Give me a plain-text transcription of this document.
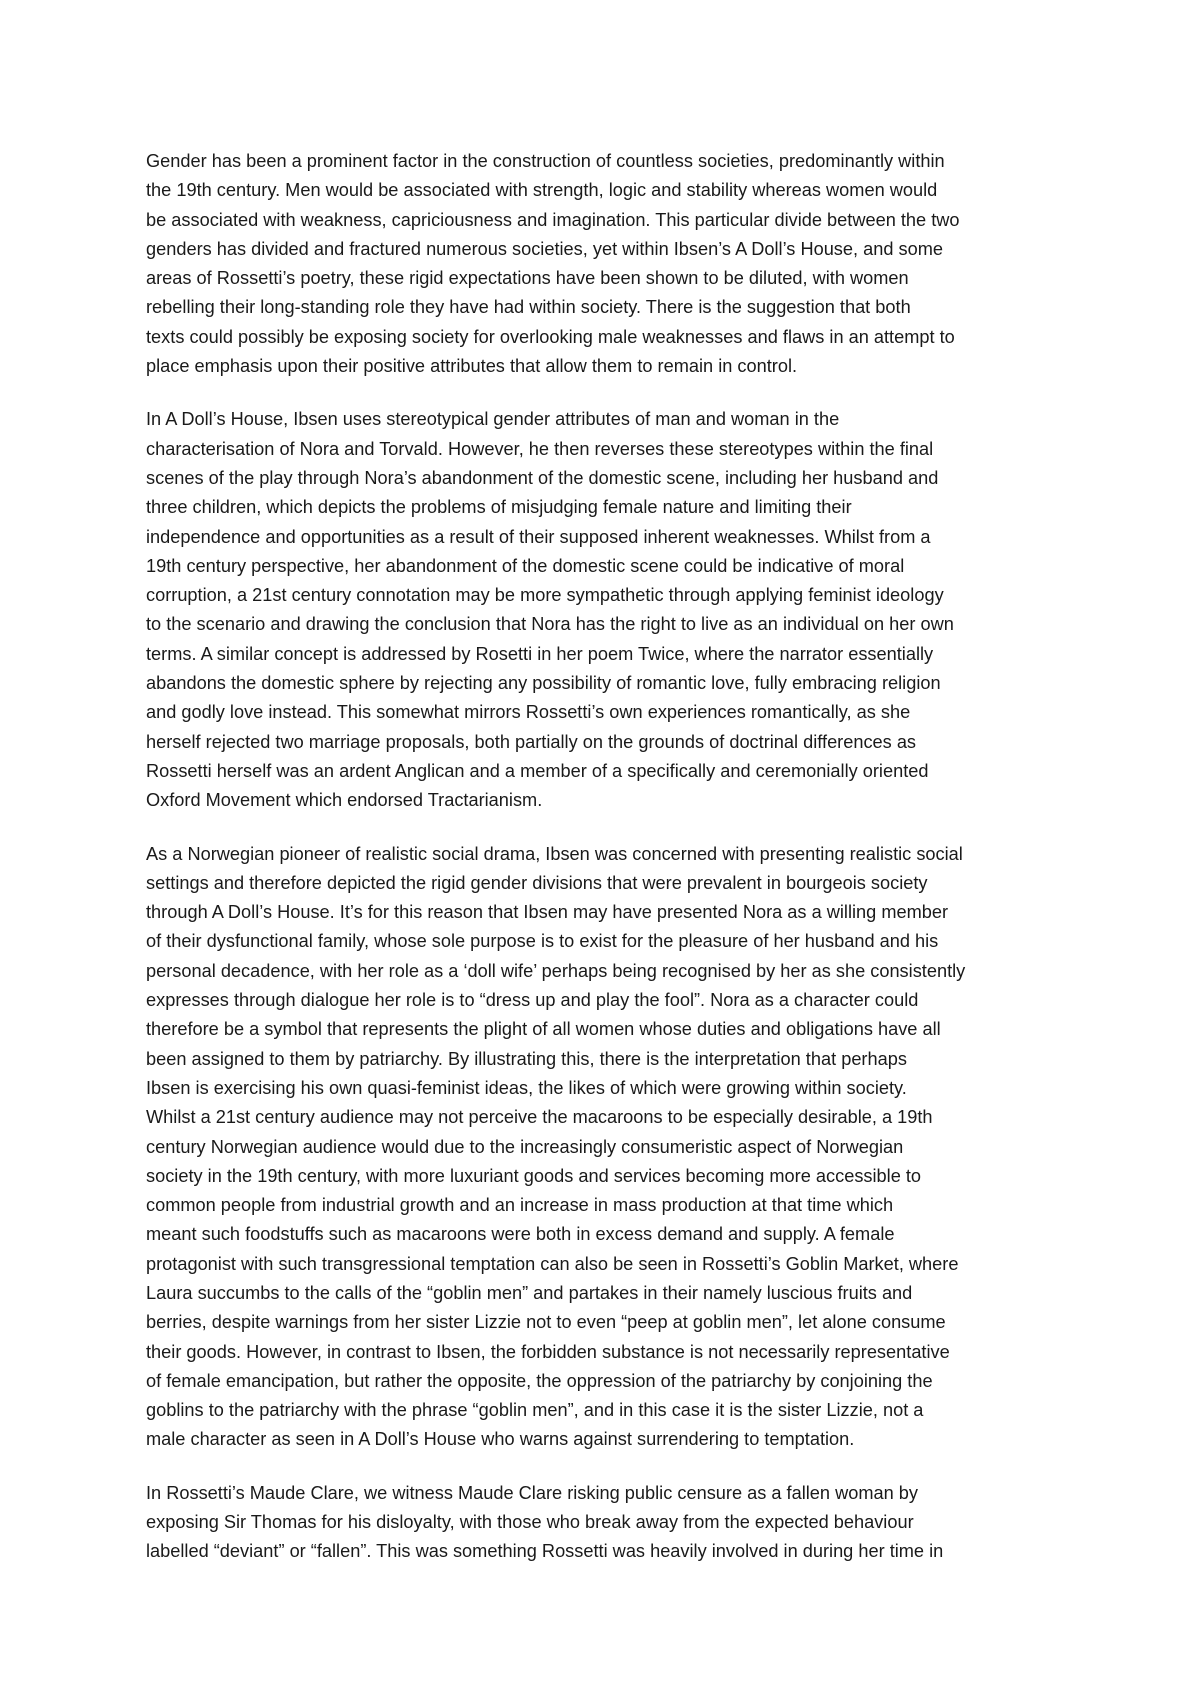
Gender has been a prominent factor in the construction of countless societies, predominantly within
the 19th century. Men would be associated with strength, logic and stability whereas women would
be associated with weakness, capriciousness and imagination. This particular divide between the two
genders has divided and fractured numerous societies, yet within Ibsen’s A Doll’s House, and some
areas of Rossetti’s poetry, these rigid expectations have been shown to be diluted, with women
rebelling their long-standing role they have had within society. There is the suggestion that both
texts could possibly be exposing society for overlooking male weaknesses and flaws in an attempt to
place emphasis upon their positive attributes that allow them to remain in control.

In A Doll’s House, Ibsen uses stereotypical gender attributes of man and woman in the
characterisation of Nora and Torvald. However, he then reverses these stereotypes within the final
scenes of the play through Nora’s abandonment of the domestic scene, including her husband and
three children, which depicts the problems of misjudging female nature and limiting their
independence and opportunities as a result of their supposed inherent weaknesses. Whilst from a
19th century perspective, her abandonment of the domestic scene could be indicative of moral
corruption, a 21st century connotation may be more sympathetic through applying feminist ideology
to the scenario and drawing the conclusion that Nora has the right to live as an individual on her own
terms. A similar concept is addressed by Rosetti in her poem Twice, where the narrator essentially
abandons the domestic sphere by rejecting any possibility of romantic love, fully embracing religion
and godly love instead. This somewhat mirrors Rossetti’s own experiences romantically, as she
herself rejected two marriage proposals, both partially on the grounds of doctrinal differences as
Rossetti herself was an ardent Anglican and a member of a specifically and ceremonially oriented
Oxford Movement which endorsed Tractarianism.

As a Norwegian pioneer of realistic social drama, Ibsen was concerned with presenting realistic social
settings and therefore depicted the rigid gender divisions that were prevalent in bourgeois society
through A Doll’s House. It’s for this reason that Ibsen may have presented Nora as a willing member
of their dysfunctional family, whose sole purpose is to exist for the pleasure of her husband and his
personal decadence, with her role as a ‘doll wife’ perhaps being recognised by her as she consistently
expresses through dialogue her role is to “dress up and play the fool”. Nora as a character could
therefore be a symbol that represents the plight of all women whose duties and obligations have all
been assigned to them by patriarchy. By illustrating this, there is the interpretation that perhaps
Ibsen is exercising his own quasi-feminist ideas, the likes of which were growing within society.
Whilst a 21st century audience may not perceive the macaroons to be especially desirable, a 19th
century Norwegian audience would due to the increasingly consumeristic aspect of Norwegian
society in the 19th century, with more luxuriant goods and services becoming more accessible to
common people from industrial growth and an increase in mass production at that time which
meant such foodstuffs such as macaroons were both in excess demand and supply. A female
protagonist with such transgressional temptation can also be seen in Rossetti’s Goblin Market, where
Laura succumbs to the calls of the “goblin men” and partakes in their namely luscious fruits and
berries, despite warnings from her sister Lizzie not to even “peep at goblin men”, let alone consume
their goods. However, in contrast to Ibsen, the forbidden substance is not necessarily representative
of female emancipation, but rather the opposite, the oppression of the patriarchy by conjoining the
goblins to the patriarchy with the phrase “goblin men”, and in this case it is the sister Lizzie, not a
male character as seen in A Doll’s House who warns against surrendering to temptation.

In Rossetti’s Maude Clare, we witness Maude Clare risking public censure as a fallen woman by
exposing Sir Thomas for his disloyalty, with those who break away from the expected behaviour
labelled “deviant” or “fallen”. This was something Rossetti was heavily involved in during her time in
